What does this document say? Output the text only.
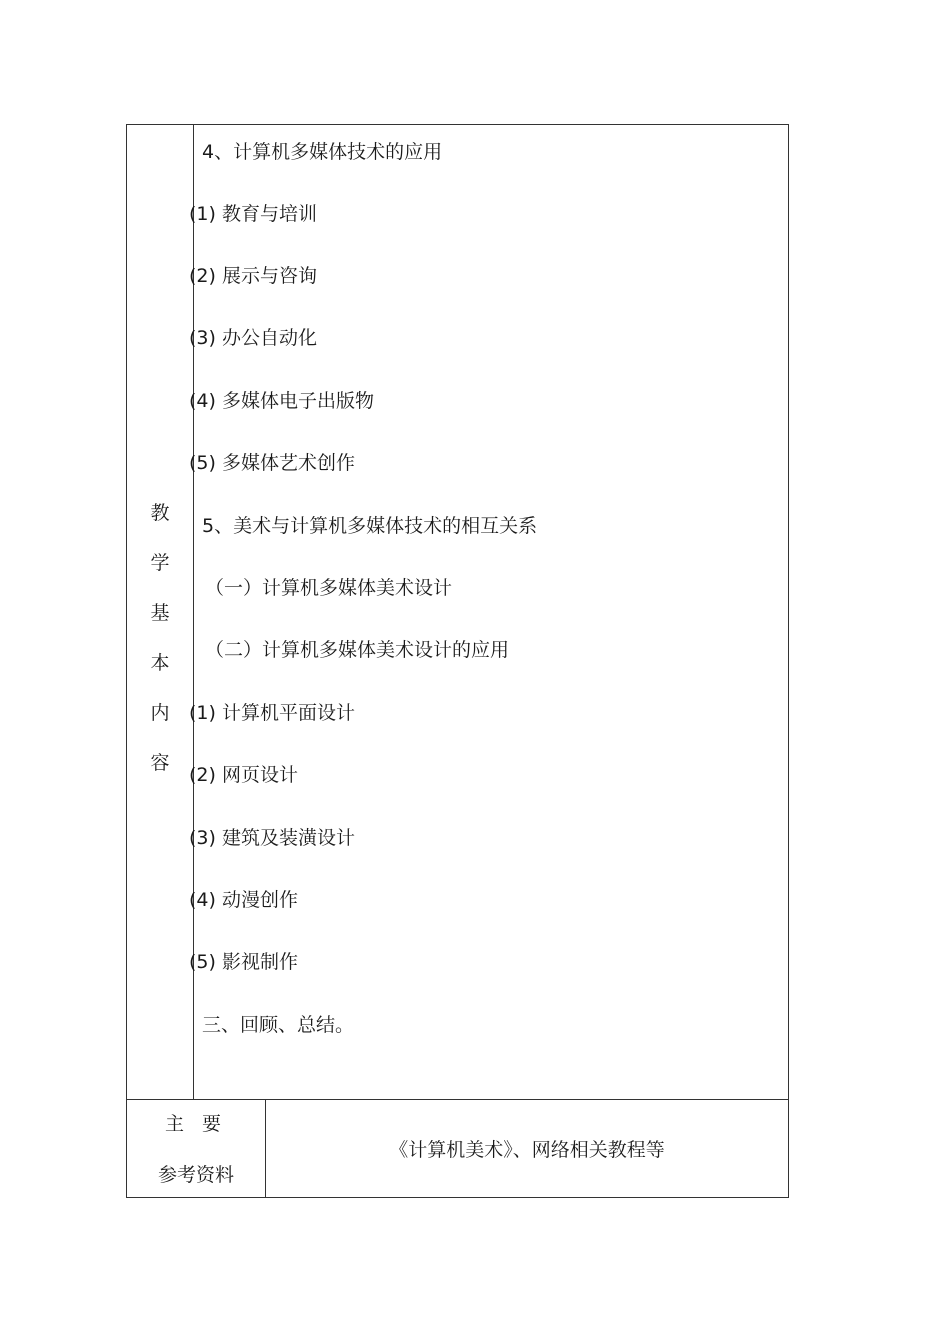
教
学
基
本
内
容
4、计算机多媒体技术的应用
(1) 教育与培训
(2) 展示与咨询
(3) 办公自动化
(4) 多媒体电子出版物
(5) 多媒体艺术创作
5、美术与计算机多媒体技术的相互关系
（一）计算机多媒体美术设计
（二）计算机多媒体美术设计的应用
(1) 计算机平面设计
(2) 网页设计
(3) 建筑及装潢设计
(4) 动漫创作
(5) 影视制作
三、回顾、总结。
主 要
参考资料
《计算机美术》、网络相关教程等
